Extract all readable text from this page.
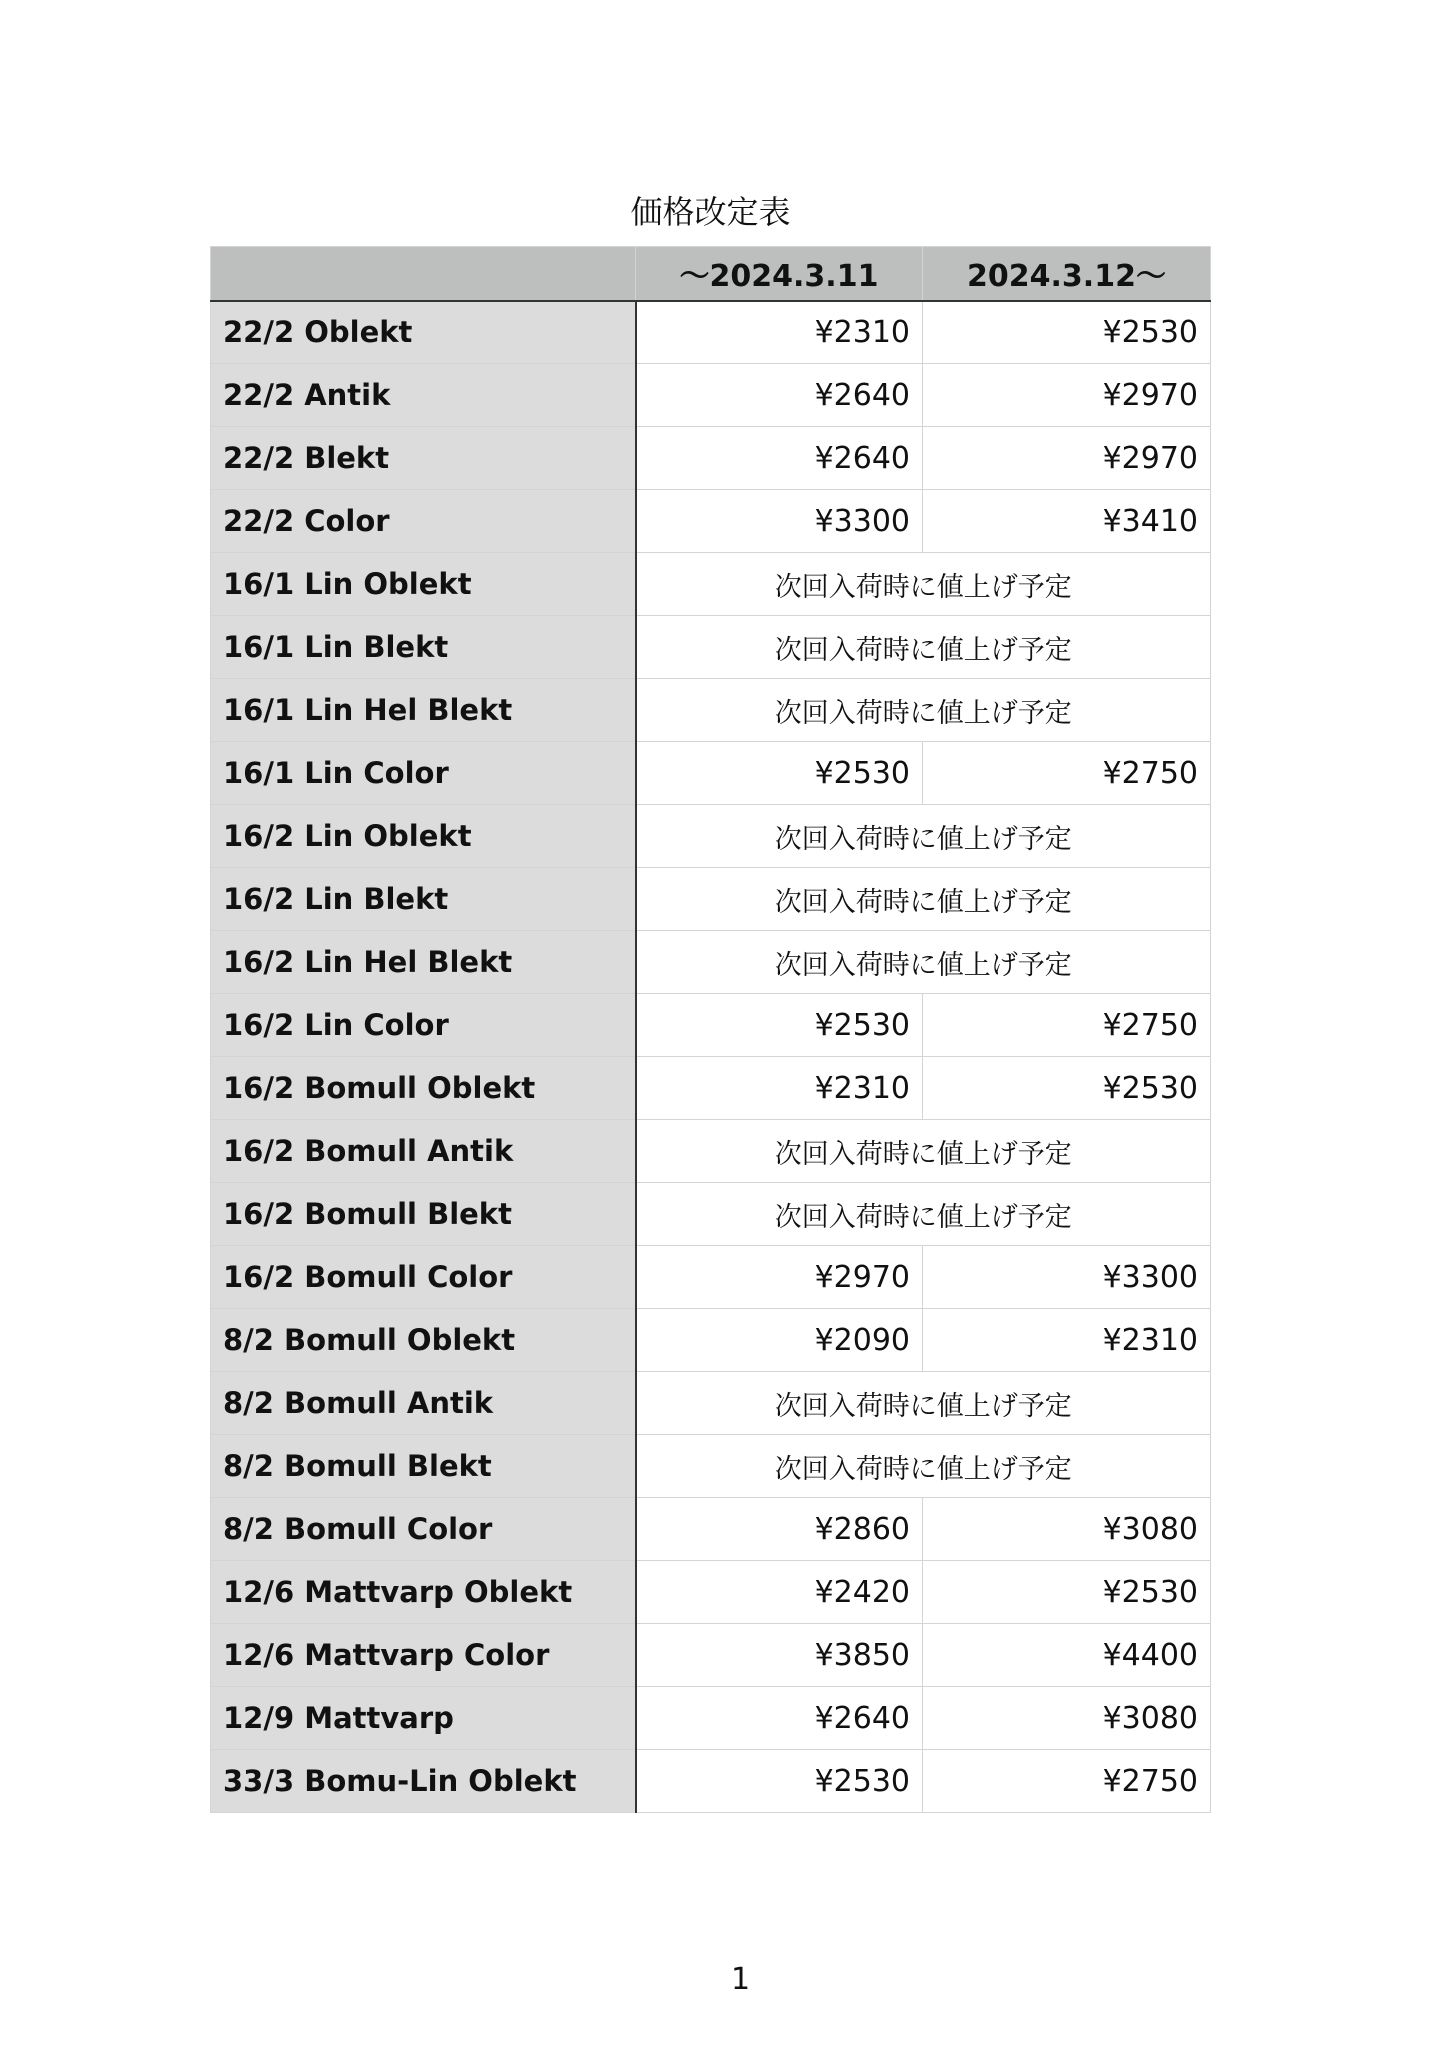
価格改定表
	〜2024.3.11	2024.3.12〜
22/2 Oblekt	¥2310	¥2530
22/2 Antik	¥2640	¥2970
22/2 Blekt	¥2640	¥2970
22/2 Color	¥3300	¥3410
16/1 Lin Oblekt	次回入荷時に値上げ予定	
16/1 Lin Blekt	次回入荷時に値上げ予定	
16/1 Lin Hel Blekt	次回入荷時に値上げ予定	
16/1 Lin Color	¥2530	¥2750
16/2 Lin Oblekt	次回入荷時に値上げ予定	
16/2 Lin Blekt	次回入荷時に値上げ予定	
16/2 Lin Hel Blekt	次回入荷時に値上げ予定	
16/2 Lin Color	¥2530	¥2750
16/2 Bomull Oblekt	¥2310	¥2530
16/2 Bomull Antik	次回入荷時に値上げ予定	
16/2 Bomull Blekt	次回入荷時に値上げ予定	
16/2 Bomull Color	¥2970	¥3300
8/2 Bomull Oblekt	¥2090	¥2310
8/2 Bomull Antik	次回入荷時に値上げ予定	
8/2 Bomull Blekt	次回入荷時に値上げ予定	
8/2 Bomull Color	¥2860	¥3080
12/6 Mattvarp Oblekt	¥2420	¥2530
12/6 Mattvarp Color	¥3850	¥4400
12/9 Mattvarp	¥2640	¥3080
33/3 Bomu-Lin Oblekt	¥2530	¥2750
1
